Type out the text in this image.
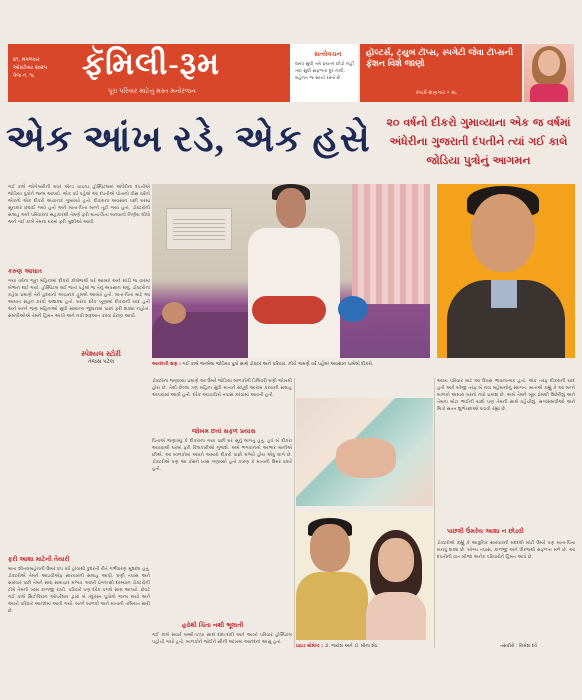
૨૧, મંગળવાર
ઓક્ટોબર ૨૦૨૫
પેજ નં. ૧૮	ફૅમિલી-રૂમ
પૂરા પરિવાર માટેનું મસ્ત મનોરંજન
સત્યેવચન
જ્યાં સુધી તમે પ્રયત્ન છોડો નહીં ત્યાં સુધી સફળતા દૂર નથી, મહેનત જ સાચો રસ્તો છે.
હૉલ્ટર્સ, ટ્યુબ ટૉપ્સ, સ્પગેટી જેવા ટૉપ્સની ફૅશન વિશે જાણો
સ્પાર્ક-શણગાર • ૨૮
એક આંખ રડે, એક હસે	૨૦ વર્ષનો દીકરો ગુમાવ્યાના એક જ વર્ષમાં અંધેરીના ગુજરાતી દંપતીને ત્યાં ગઈ કાલે જોડિયા પુત્રોનું આગમન
ગઈ કાલે જોગેશ્વરીની મધર ઍન્ડ ચાઇલ્ડ હૉસ્પિટલમાં અંધેરીના દંપતીએ જોડિયા પુત્રોને જન્મ આપ્યો. એક વર્ષ પહેલાં આ દંપતીએ પોતાનો વીસ વર્ષનો એકનો એક દીકરો અચાનક ગુમાવ્યો હતો. દીકરાના અવસાન પછી ઘરમાં સૂનકાર છવાઈ ગયો હતો અને માતા-પિતા બન્ને તૂટી ગયાં હતાં. ડૉક્ટરોની સલાહ અને પરિવારના સહકારથી તેમણે ફરી માતા-પિતા બનવાનો નિર્ણય લીધો અને ગઈ કાલે તેમના ઘરમાં ફરી ખુશીઓ આવી.
કરુણ આઘાત
ગયા વર્ષના જૂન મહિનામાં દીકરો કૉલેજથી ઘરે આવ્યો અને થોડી જ વારમાં બેભાન થઈ ગયો. હૉસ્પિટલ લઈ જતાં પહેલાં જ તેનું અવસાન થયું. ડૉક્ટરોના કહેવા પ્રમાણે તેને હૃદયનો અચાનક હુમલો આવ્યો હતો. માતા-પિતા માટે આ આઘાત સહન કરવો અશક્ય હતો. ઘરના દરેક ખૂણામાં દીકરાની યાદ હતી અને બન્ને જણ મહિનાઓ સુધી સામાન્ય જીવનમાં પાછાં ફરી શક્યાં નહોતાં. સંબંધીઓએ તેમને હિંમત આપી અને નવી શરૂઆત કરવા પ્રેરણા આપી.
ફરી આશા માટેની તૈયારી
માતા શીતલબહેનની ઉંમર ૪૫ વર્ષ હોવાથી કુદરતી રીતે ગર્ભધારણ મુશ્કેલ હતું. ડૉક્ટરોએ તેમને આઇવીએફ સારવારની સલાહ આપી. ઘણી તપાસ અને સારવાર પછી તેમને સારા સમાચાર મળ્યા. આખી પ્રેગ્નન્સી દરમ્યાન ડૉક્ટરોની ટીમે તેમની ખાસ કાળજી રાખી. પરિવારે પણ દરેક પગલે સાથ આપ્યો. છેવટે ગઈ કાલે સિઝેરિયન ઑપરેશન દ્વારા બે તંદુરસ્ત પુત્રોનો જન્મ થયો અને આખો પરિવાર આનંદમાં આવી ગયો. બન્ને બાળકો અને માતાની તબિયત સારી છે.
સ્પેશ્યલ સ્ટોરી
તેજસ પટેલ	આનંદની ક્ષણ : ગઈ કાલે જન્મેલા જોડિયા પુત્રો સાથે ડૉક્ટર અને પરિવાર. નીચે જમણે વર્ષ પહેલાં અવસાન પામેલો દીકરો.
ડૉક્ટરના જણાવ્યા પ્રમાણે આ ઉંમરે જોડિયાં બાળકોની ડિલિવરી ઘણી જોખમી હોય છે. તેથી છેલ્લા ત્રણ મહિના સુધી માતાને સંપૂર્ણ આરામ કરવાની સલાહ આપવામાં આવી હતી. દરેક અઠવાડિયે તપાસ કરવામાં આવતી હતી.
જોખમ છતાં સફળ પ્રયાસ
પિતાએ જણાવ્યું કે દીકરાના ગયા પછી ઘર સૂનું લાગતું હતું. હવે બે દીકરા આવવાથી ઘરમાં ફરી કિલકારીઓ ગુંજશે. અમે ભગવાનનો આભાર માનીએ છીએ. આ બાળકોમાં અમને અમારો દીકરો પાછો મળ્યો હોય એવું લાગે છે. ડૉક્ટરોએ પણ આ કેસને ખાસ ગણાવ્યો હતો કારણ કે માતાની ઉંમર વધારે હતી.
હવેથી ચિંતા નથી ભૂલાતી
ગઈ કાલે સવારે મમ્મી-પપ્પા સાથે દાદા-દાદી અને આખો પરિવાર હૉસ્પિટલ પહોંચી ગયો હતો. બાળકોને જોઈને સૌની આંખમાં આનંદનાં આંસુ હતાં.
પ્રાઇડ મોમેન્ટ : ડૉ. જયેશ અને ડૉ. મીના શેઠ
આખા પરિવાર માટે આ દિવસ ભાવનાત્મક હતો. એક તરફ દીકરાની યાદ હતી અને બીજી તરફ બે નવા મહેમાનોનું સ્વાગત. માતાએ કહ્યું કે આ બન્ને બાળકો અમારા ઘરનો નવો પ્રકાશ છે. અમે તેમને ખૂબ પ્રેમથી ઉછેરીશું અને તેમના મોટા ભાઈની યાદો પણ તેમની સાથે વહેંચીશું. સગાંસંબંધીઓ અને મિત્રો સતત શુભેચ્છાઓ પાઠવી રહ્યા છે.
પાછલી ઉંમરેય આશા ન છોડવી
ડૉક્ટરોએ કહ્યું કે આધુનિક સારવારની મદદથી મોટી ઉંમરે પણ માતા-પિતા બનવું શક્ય છે. યોગ્ય તપાસ, કાળજી અને ધીરજથી સફળતા મળે છે. આ દંપતીની વાત બીજા અનેક પરિવારોને હિંમત આપે છે.
તસવીરો : નિમેશ દવે
